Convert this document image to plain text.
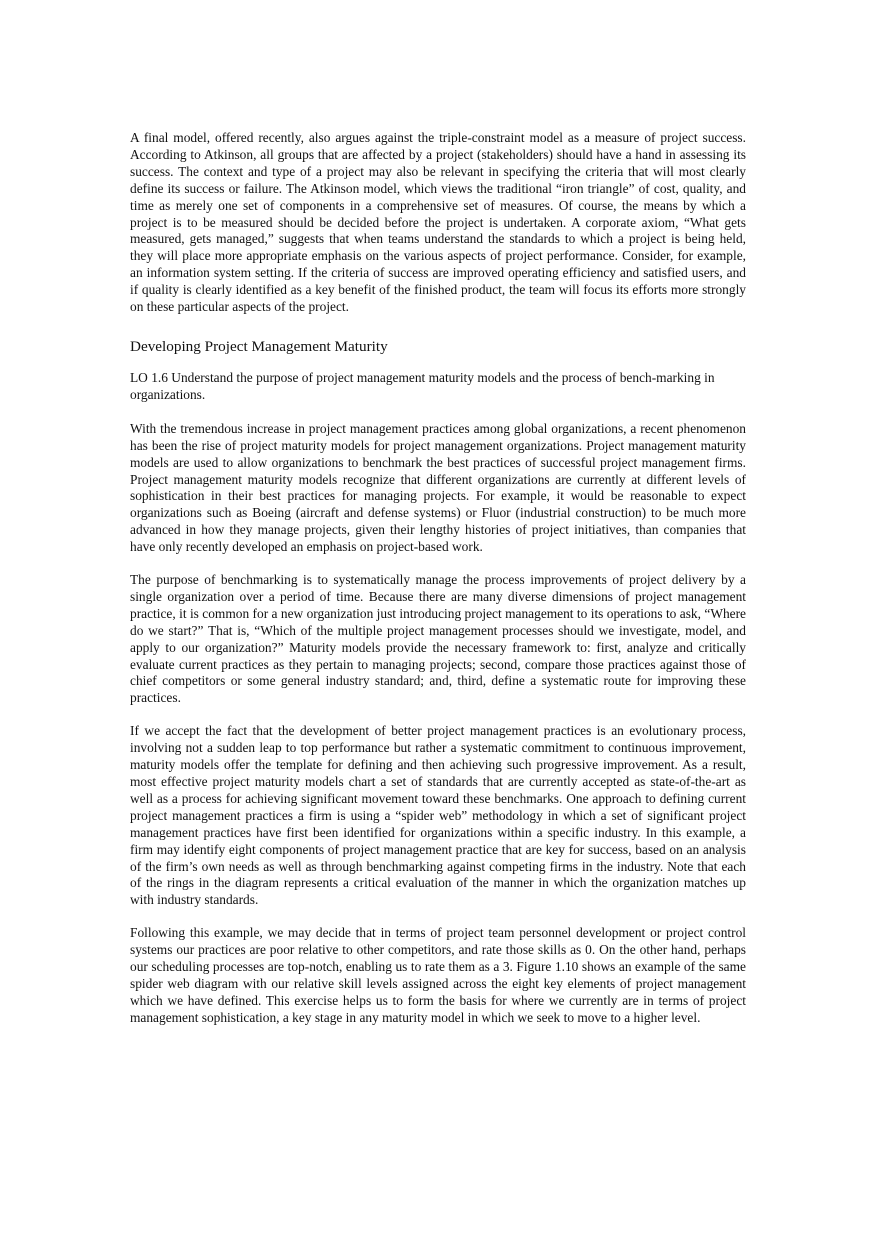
A final model, offered recently, also argues against the triple-constraint model as a measure of project success. According to Atkinson, all groups that are affected by a project (stakeholders) should have a hand in assessing its success. The context and type of a project may also be relevant in specifying the criteria that will most clearly define its success or failure. The Atkinson model, which views the traditional “iron triangle” of cost, quality, and time as merely one set of components in a comprehensive set of measures. Of course, the means by which a project is to be measured should be decided before the project is undertaken. A corporate axiom, “What gets measured, gets managed,” suggests that when teams understand the standards to which a project is being held, they will place more appropriate emphasis on the various aspects of project performance. Consider, for example, an information system setting. If the criteria of success are improved operating efficiency and satisfied users, and if quality is clearly identified as a key benefit of the finished product, the team will focus its efforts more strongly on these particular aspects of the project.

Developing Project Management Maturity

LO 1.6 Understand the purpose of project management maturity models and the process of bench-marking in organizations.

With the tremendous increase in project management practices among global organizations, a recent phenomenon has been the rise of project maturity models for project management organizations. Project management maturity models are used to allow organizations to benchmark the best practices of successful project management firms. Project management maturity models recognize that different organizations are currently at different levels of sophistication in their best practices for managing projects. For example, it would be reasonable to expect organizations such as Boeing (aircraft and defense systems) or Fluor (industrial construction) to be much more advanced in how they manage projects, given their lengthy histories of project initiatives, than companies that have only recently developed an emphasis on project-based work.

The purpose of benchmarking is to systematically manage the process improvements of project delivery by a single organization over a period of time. Because there are many diverse dimensions of project management practice, it is common for a new organization just introducing project management to its operations to ask, “Where do we start?” That is, “Which of the multiple project management processes should we investigate, model, and apply to our organization?” Maturity models provide the necessary framework to: first, analyze and critically evaluate current practices as they pertain to managing projects; second, compare those practices against those of chief competitors or some general industry standard; and, third, define a systematic route for improving these practices.

If we accept the fact that the development of better project management practices is an evolutionary process, involving not a sudden leap to top performance but rather a systematic commitment to continuous improvement, maturity models offer the template for defining and then achieving such progressive improvement. As a result, most effective project maturity models chart a set of standards that are currently accepted as state-of-the-art as well as a process for achieving significant movement toward these benchmarks. One approach to defining current project management practices a firm is using a “spider web” methodology in which a set of significant project management practices have first been identified for organizations within a specific industry. In this example, a firm may identify eight components of project management practice that are key for success, based on an analysis of the firm’s own needs as well as through benchmarking against competing firms in the industry. Note that each of the rings in the diagram represents a critical evaluation of the manner in which the organization matches up with industry standards.

Following this example, we may decide that in terms of project team personnel development or project control systems our practices are poor relative to other competitors, and rate those skills as 0. On the other hand, perhaps our scheduling processes are top-notch, enabling us to rate them as a 3. Figure 1.10 shows an example of the same spider web diagram with our relative skill levels assigned across the eight key elements of project management which we have defined. This exercise helps us to form the basis for where we currently are in terms of project management sophistication, a key stage in any maturity model in which we seek to move to a higher level.
